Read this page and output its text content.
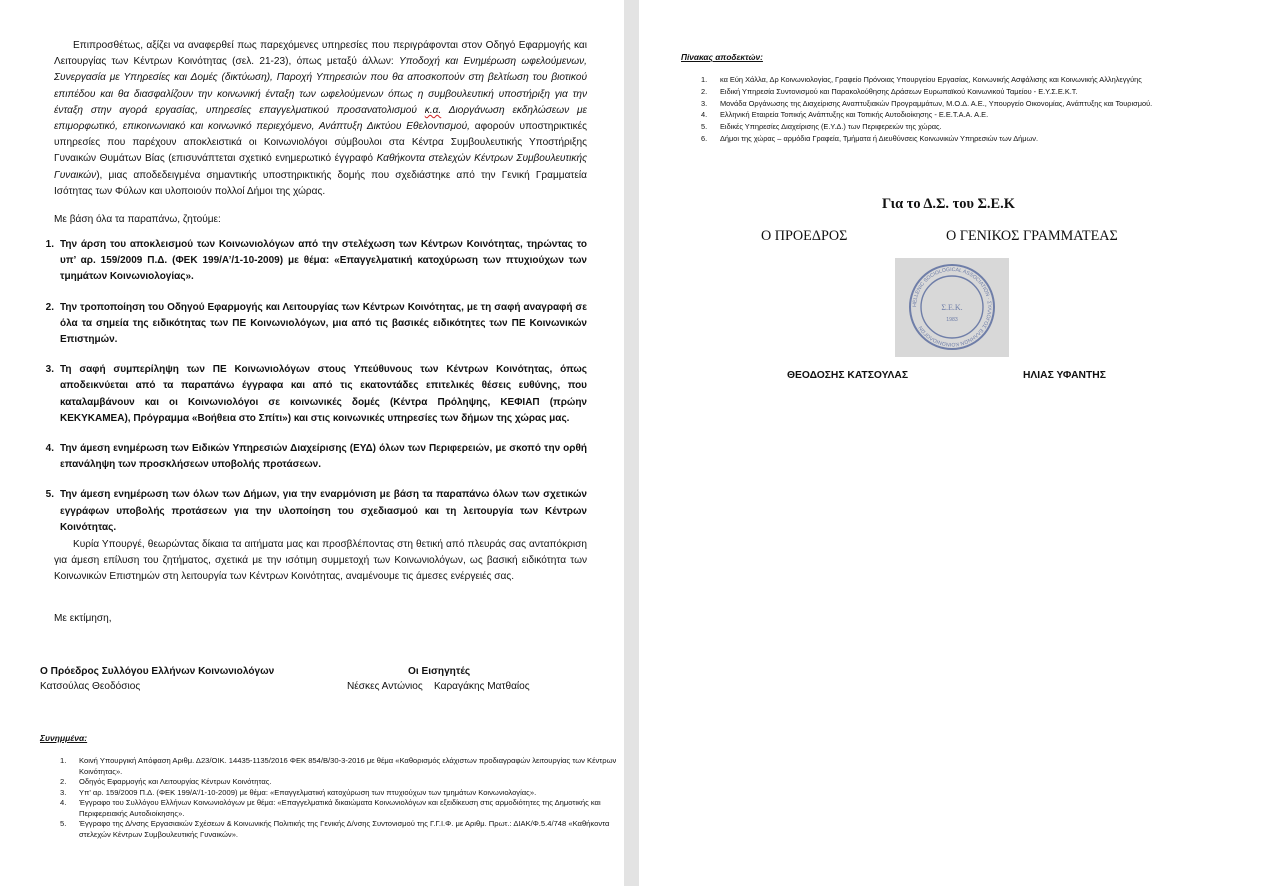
Επιπροσθέτως, αξίζει να αναφερθεί πως παρεχόμενες υπηρεσίες που περιγράφονται στον Οδηγό Εφαρμογής και Λειτουργίας των Κέντρων Κοινότητας (σελ. 21-23), όπως μεταξύ άλλων: Υποδοχή και Ενημέρωση ωφελούμενων, Συνεργασία με Υπηρεσίες και Δομές (δικτύωση), Παροχή Υπηρεσιών που θα αποσκοπούν στη βελτίωση του βιοτικού επιπέδου και θα διασφαλίζουν την κοινωνική ένταξη των ωφελούμενων όπως η συμβουλευτική υποστήριξη για την ένταξη στην αγορά εργασίας, υπηρεσίες επαγγελματικού προσανατολισμού κ.α. Διοργάνωση εκδηλώσεων με επιμορφωτικό, επικοινωνιακό και κοινωνικό περιεχόμενο, Ανάπτυξη Δικτύου Εθελοντισμού, αφορούν υποστηρικτικές υπηρεσίες που παρέχουν αποκλειστικά οι Κοινωνιολόγοι σύμβουλοι στα Κέντρα Συμβουλευτικής Υποστήριξης Γυναικών Θυμάτων Βίας (επισυνάπτεται σχετικό ενημερωτικό έγγραφό Καθήκοντα στελεχών Κέντρων Συμβουλευτικής Γυναικών), μιας αποδεδειγμένα σημαντικής υποστηρικτικής δομής που σχεδιάστηκε από την Γενική Γραμματεία Ισότητας των Φύλων και υλοποιούν πολλοί Δήμοι της χώρας.
Με βάση όλα τα παραπάνω, ζητούμε:
1. Την άρση του αποκλεισμού των Κοινωνιολόγων από την στελέχωση των Κέντρων Κοινότητας, τηρώντας το υπ’ αρ. 159/2009 Π.Δ. (ΦΕΚ 199/Α’/1-10-2009) με θέμα: «Επαγγελματική κατοχύρωση των πτυχιούχων των τμημάτων Κοινωνιολογίας».
2. Την τροποποίηση του Οδηγού Εφαρμογής και Λειτουργίας των Κέντρων Κοινότητας, με τη σαφή αναγραφή σε όλα τα σημεία της ειδικότητας των ΠΕ Κοινωνιολόγων, μια από τις βασικές ειδικότητες των ΠΕ Κοινωνικών Επιστημών.
3. Τη σαφή συμπερίληψη των ΠΕ Κοινωνιολόγων στους Υπεύθυνους των Κέντρων Κοινότητας, όπως αποδεικνύεται από τα παραπάνω έγγραφα και από τις εκατοντάδες επιτελικές θέσεις ευθύνης, που καταλαμβάνουν και οι Κοινωνιολόγοι σε κοινωνικές δομές (Κέντρα Πρόληψης, ΚΕΦΙΑΠ (πρώην ΚΕΚΥΚΑΜΕΑ), Πρόγραμμα «Βοήθεια στο Σπίτι») και στις κοινωνικές υπηρεσίες των δήμων της χώρας μας.
4. Την άμεση ενημέρωση των Ειδικών Υπηρεσιών Διαχείρισης (ΕΥΔ) όλων των Περιφερειών, με σκοπό την ορθή επανάληψη των προσκλήσεων υποβολής προτάσεων.
5. Την άμεση ενημέρωση των όλων των Δήμων, για την εναρμόνιση με βάση τα παραπάνω όλων των σχετικών εγγράφων υποβολής προτάσεων για την υλοποίηση του σχεδιασμού και τη λειτουργία των Κέντρων Κοινότητας.
Κυρία Υπουργέ, θεωρώντας δίκαια τα αιτήματα μας και προσβλέποντας στη θετική από πλευράς σας ανταπόκριση για άμεση επίλυση του ζητήματος, σχετικά με την ισότιμη συμμετοχή των Κοινωνιολόγων, ως βασική ειδικότητα των Κοινωνικών Επιστημών στη λειτουργία των Κέντρων Κοινότητας, αναμένουμε τις άμεσες ενέργειές σας.
Με εκτίμηση,
Ο Πρόεδρος Συλλόγου Ελλήνων Κοινωνιολόγων
Κατσούλας Θεοδόσιος
Οι Εισηγητές
Νέσκες Αντώνιος Καραγάκης Ματθαίος
Συνημμένα:
1. Κοινή Υπουργική Απόφαση Αριθμ. Δ23/ΟΙΚ. 14435-1135/2016 ΦΕΚ 854/Β/30-3-2016 με θέμα «Καθορισμός ελάχιστων προδιαγραφών λειτουργίας των Κέντρων Κοινότητας».
2. Οδηγός Εφαρμογής και Λειτουργίας Κέντρων Κοινότητας.
3. Υπ’ αρ. 159/2009 Π.Δ. (ΦΕΚ 199/Α’/1-10-2009) με θέμα: «Επαγγελματική κατοχύρωση των πτυχιούχων των τμημάτων Κοινωνιολογίας».
4. Έγγραφο του Συλλόγου Ελλήνων Κοινωνιολόγων με θέμα: «Επαγγελματικά δικαιώματα Κοινωνιολόγων και εξειδίκευση στις αρμοδιότητες της Δημοτικής και Περιφερειακής Αυτοδιοίκησης».
5. Έγγραφο της Δ/νσης Εργασιακών Σχέσεων & Κοινωνικής Πολιτικής της Γενικής Δ/νσης Συντονισμού της Γ.Γ.Ι.Φ. με Αριθμ. Πρωτ.: ΔΙΑΚ/Φ.5.4/748 «Καθήκοντα στελεχών Κέντρων Συμβουλευτικής Γυναικών».
Πίνακας αποδεκτών:
1. κα Εύη Χάλλα, Δρ Κοινωνιολογίας, Γραφείο Πρόνοιας Υπουργείου Εργασίας, Κοινωνικής Ασφάλισης και Κοινωνικής Αλληλεγγύης
2. Ειδική Υπηρεσία Συντονισμού και Παρακολούθησης Δράσεων Ευρωπαϊκού Κοινωνικού Ταμείου - Ε.Υ.Σ.Ε.Κ.Τ.
3. Μονάδα Οργάνωσης της Διαχείρισης Αναπτυξιακών Προγραμμάτων, Μ.Ο.Δ. Α.Ε., Υπουργείο Οικονομίας, Ανάπτυξης και Τουρισμού.
4. Ελληνική Εταιρεία Τοπικής Ανάπτυξης και Τοπικής Αυτοδιοίκησης - Ε.Ε.Τ.Α.Α. Α.Ε.
5. Ειδικές Υπηρεσίες Διαχείρισης (Ε.Υ.Δ.) των Περιφερειών της χώρας.
6. Δήμοι της χώρας – αρμόδια Γραφεία, Τμήματα ή Διευθύνσεις Κοινωνικών Υπηρεσιών των Δήμων.
Για το Δ.Σ. του Σ.Ε.Κ
Ο ΠΡΟΕΔΡΟΣ	Ο ΓΕΝΙΚΟΣ ΓΡΑΜΜΑΤΕΑΣ
HELLENIC SOCIOLOGICAL ASSOCIATION · ΣΥΛΛΟΓΟΣ ΕΛΛΗΝΩΝ ΚΟΙΝΩΝΙΟΛΟΓΩΝ
Σ.Ε.Κ.
1983
ΘΕΟΔΟΣΗΣ ΚΑΤΣΟΥΛΑΣ	ΗΛΙΑΣ ΥΦΑΝΤΗΣ
